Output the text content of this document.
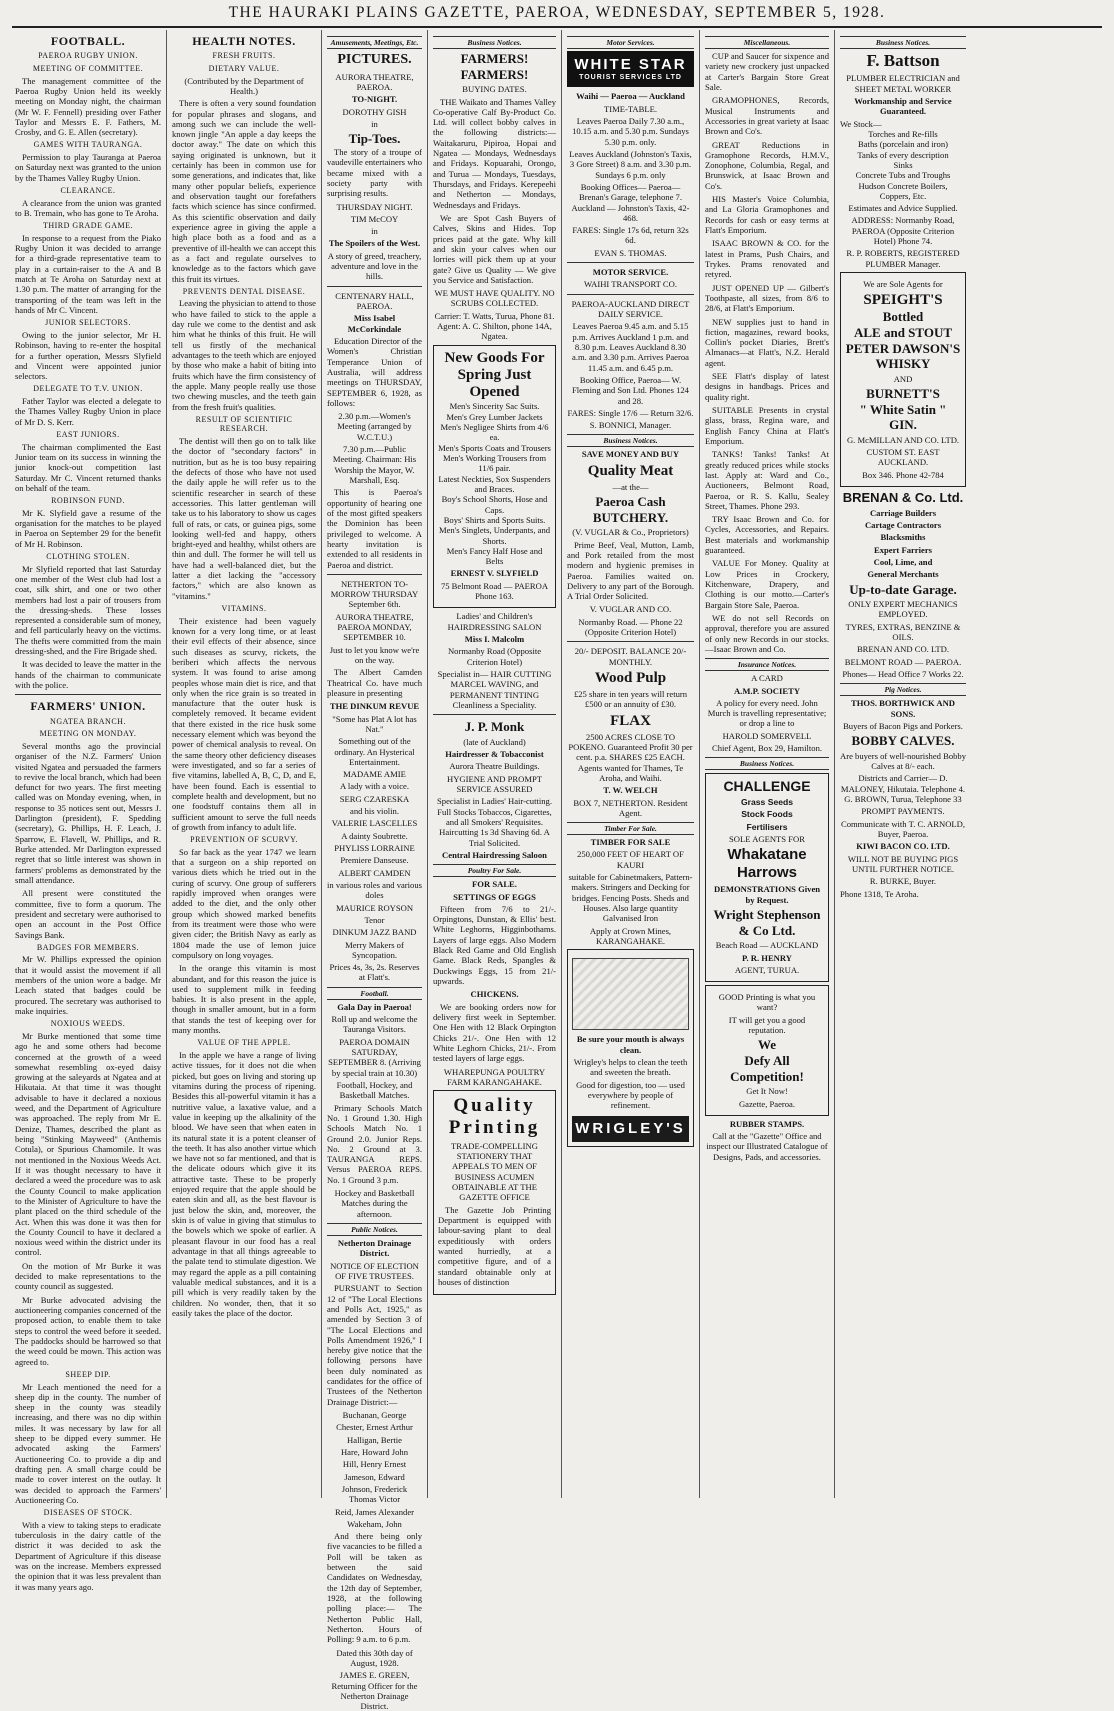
THE HAURAKI PLAINS GAZETTE, PAEROA, WEDNESDAY, SEPTEMBER 5, 1928.
FOOTBALL.
PAEROA RUGBY UNION.
MEETING OF COMMITTEE.

The management committee of the Paeroa Rugby Union held its weekly meeting on Monday night, the chairman (Mr W. F. Fennell) presiding over Father Taylor and Messrs E. F. Fathers, M. Crosby, and G. E. Allen (secretary).

GAMES WITH TAURANGA.

Permission to play Tauranga at Paeroa on Saturday next was granted to the union by the Thames Valley Rugby Union.

CLEARANCE.

A clearance from the union was granted to B. Tremain, who has gone to Te Aroha.

THIRD GRADE GAME.

In response to a request from the Piako Rugby Union it was decided to arrange for a third-grade representative team to play in a curtain-raiser to the A and B match at Te Aroha on Saturday next at 1.30 p.m. The matter of arranging for the transporting of the team was left in the hands of Mr C. Vincent.

JUNIOR SELECTORS.

Owing to the junior selector, Mr H. Robinson, having to re-enter the hospital for a further operation, Messrs Slyfield and Vincent were appointed junior selectors.

DELEGATE TO T.V. UNION.

Father Taylor was elected a delegate to the Thames Valley Rugby Union in place of Mr D. S. Kerr.

EAST JUNIORS.

The chairman complimented the East Junior team on its success in winning the junior knock-out competition last Saturday. Mr C. Vincent returned thanks on behalf of the team.

ROBINSON FUND.

Mr K. Slyfield gave a resume of the organisation for the matches to be played in Paeroa on September 29 for the benefit of Mr H. Robinson.

CLOTHING STOLEN.

Mr Slyfield reported that last Saturday one member of the West club had lost a coat, silk shirt, and one or two other members had lost a pair of trousers from the dressing-sheds. These losses represented a considerable sum of money, and fell particularly heavy on the victims. The thefts were committed from the main dressing-shed, and the Fire Brigade shed.

It was decided to leave the matter in the hands of the chairman to communicate with the police.

FARMERS' UNION.
NGATEA BRANCH.
MEETING ON MONDAY.

Several months ago the provincial organiser of the N.Z. Farmers' Union visited Ngatea and persuaded the farmers to revive the local branch, which had been defunct for two years. The first meeting called was on Monday evening, when, in response to 35 notices sent out, Messrs J. Darlington (president), F. Spedding (secretary), G. Phillips, H. F. Leach, J. Sparrow, E. Flavell, W. Phillips, and R. Burke attended. Mr Darlington expressed regret that so little interest was shown in farmers' problems as demonstrated by the small attendance.

All present were constituted the committee, five to form a quorum. The president and secretary were authorised to open an account in the Post Office Savings Bank.

BADGES FOR MEMBERS.

Mr W. Phillips expressed the opinion that it would assist the movement if all members of the union wore a badge. Mr Leach stated that badges could be procured. The secretary was authorised to make inquiries.

NOXIOUS WEEDS.

Mr Burke mentioned that some time ago he and some others had become concerned at the growth of a weed somewhat resembling ox-eyed daisy growing at the saleyards at Ngatea and at Hikutaia. At that time it was thought advisable to have it declared a noxious weed, and the Department of Agriculture was approached. The reply from Mr E. Denize, Thames, described the plant as being "Stinking Mayweed" (Anthemis Cotula), or Spurious Chamomile. It was not mentioned in the Noxious Weeds Act. If it was thought necessary to have it declared a weed the procedure was to ask the County Council to make application to the Minister of Agriculture to have the plant placed on the third schedule of the Act. When this was done it was then for the County Council to have it declared a noxious weed within the district under its control.

On the motion of Mr Burke it was decided to make representations to the county council as suggested.

Mr Burke advocated advising the auctioneering companies concerned of the proposed action, to enable them to take steps to control the weed before it seeded. The paddocks should be harrowed so that the weed could be mown. This action was agreed to.

SHEEP DIP.

Mr Leach mentioned the need for a sheep dip in the county. The number of sheep in the county was steadily increasing, and there was no dip within miles. It was necessary by law for all sheep to be dipped every summer. He advocated asking the Farmers' Auctioneering Co. to provide a dip and drafting pen. A small charge could be made to cover interest on the outlay. It was decided to approach the Farmers' Auctioneering Co.

DISEASES OF STOCK.

With a view to taking steps to eradicate tuberculosis in the dairy cattle of the district it was decided to ask the Department of Agriculture if this disease was on the increase. Members expressed the opinion that it was less prevalent than it was many years ago.

HEALTH NOTES.
FRESH FRUITS.
DIETARY VALUE.
(Contributed by the Department of Health.)

There is often a very sound foundation for popular phrases and slogans, and among such we can include the well-known jingle "An apple a day keeps the doctor away." The date on which this saying originated is unknown, but it certainly has been in common use for some generations, and indicates that, like many other popular beliefs, experience and observation taught our forefathers facts which science has since confirmed. As this scientific observation and daily experience agree in giving the apple a high place both as a food and as a preventive of ill-health we can accept this as a fact and regulate ourselves to knowledge as to the factors which gave this fruit its virtues.

PREVENTS DENTAL DISEASE.

Leaving the physician to attend to those who have failed to stick to the apple a day rule we come to the dentist and ask him what he thinks of this fruit. He will tell us firstly of the mechanical advantages to the teeth which are enjoyed by those who make a habit of biting into fruits which have the firm consistency of the apple. Many people really use those two chewing muscles, and the teeth gain from the fresh fruit's qualities.

RESULT OF SCIENTIFIC RESEARCH.

The dentist will then go on to talk like the doctor of "secondary factors" in nutrition, but as he is too busy repairing the defects of those who have not used the daily apple he will refer us to the scientific researcher in search of these accessories. This latter gentleman will take us to his laboratory to show us cages full of rats, or cats, or guinea pigs, some looking well-fed and happy, others bright-eyed and healthy, whilst others are thin and dull. The former he will tell us have had a well-balanced diet, but the latter a diet lacking the "accessory factors," which are also known as "vitamins."

VITAMINS.

Their existence had been vaguely known for a very long time, or at least their evil effects of their absence, since such diseases as scurvy, rickets, the beriberi which affects the nervous system. It was found to arise among peoples whose main diet is rice, and that only when the rice grain is so treated in manufacture that the outer husk is completely removed. It became evident that there existed in the rice husk some necessary element which was beyond the power of chemical analysis to reveal. On the same theory other deficiency diseases were investigated, and so far a series of five vitamins, labelled A, B, C, D, and E, have been found. Each is essential to complete health and development, but no one foodstuff contains them all in sufficient amount to serve the full needs of growth from infancy to adult life.

PREVENTION OF SCURVY.

So far back as the year 1747 we learn that a surgeon on a ship reported on various diets which he tried out in the curing of scurvy. One group of sufferers rapidly improved when oranges were added to the diet, and the only other group which showed marked benefits from its treatment were those who were given cider; the British Navy as early as 1804 made the use of lemon juice compulsory on long voyages.

In the orange this vitamin is most abundant, and for this reason the juice is used to supplement milk in feeding babies. It is also present in the apple, though in smaller amount, but in a form that stands the test of keeping over for many months.

VALUE OF THE APPLE.

In the apple we have a range of living active tissues, for it does not die when picked, but goes on living and storing up vitamins during the process of ripening. Besides this all-powerful vitamin it has a nutritive value, a laxative value, and a value in keeping up the alkalinity of the blood. We have seen that when eaten in its natural state it is a potent cleanser of the teeth. It has also another virtue which we have not so far mentioned, and that is the delicate odours which give it its attractive taste. These to be properly enjoyed require that the apple should be eaten skin and all, as the best flavour is just below the skin, and, moreover, the skin is of value in giving that stimulus to the bowels which we spoke of earlier. A pleasant flavour in our food has a real advantage in that all things agreeable to the palate tend to stimulate digestion. We may regard the apple as a pill containing valuable medical substances, and it is a pill which is very readily taken by the children. No wonder, then, that it so easily takes the place of the doctor.

Amusements, Meetings, Etc.
PICTURES.
AURORA THEATRE, PAEROA.
TO-NIGHT.
DOROTHY GISH
in
Tip-Toes.

The story of a troupe of vaudeville entertainers who became mixed with a society party with surprising results.

THURSDAY NIGHT.
TIM McCOY
in
The Spoilers of the West.
A story of greed, treachery, adventure and love in the hills.
CENTENARY HALL, PAEROA.
Miss Isabel McCorkindale

Education Director of the Women's Christian Temperance Union of Australia, will address meetings on THURSDAY, SEPTEMBER 6, 1928, as follows:

2.30 p.m.—Women's Meeting (arranged by W.C.T.U.)
7.30 p.m.—Public Meeting. Chairman: His Worship the Mayor, W. Marshall, Esq.

This is Paeroa's opportunity of hearing one of the most gifted speakers the Dominion has been privileged to welcome. A hearty invitation is extended to all residents in Paeroa and district.

NETHERTON TO-MORROW THURSDAY September 6th.
AURORA THEATRE, PAEROA MONDAY, SEPTEMBER 10.
Just to let you know we're on the way.

The Albert Camden Theatrical Co. have much pleasure in presenting

THE DINKUM REVUE
"Some has Plat A lot has Nat."
Something out of the ordinary. An Hysterical Entertainment.
MADAME AMIE
A lady with a voice.
SERG CZARESKA
and his violin.
VALERIE LASCELLES
A dainty Soubrette.
PHYLISS LORRAINE
Premiere Danseuse.
ALBERT CAMDEN
in various roles and various doles
MAURICE ROYSON
Tenor
DINKUM JAZZ BAND
Merry Makers of Syncopation.
Prices 4s, 3s, 2s. Reserves at Flatt's.
Football.
Gala Day in Paeroa!
Roll up and welcome the Tauranga Visitors.
PAEROA DOMAIN SATURDAY, SEPTEMBER 8. (Arriving by special train at 10.30)
Football, Hockey, and Basketball Matches.

Primary Schools Match No. 1 Ground 1.30. High Schools Match No. 1 Ground 2.0. Junior Reps. No. 2 Ground at 3. TAURANGA REPS. Versus PAEROA REPS. No. 1 Ground 3 p.m.

Hockey and Basketball Matches during the afternoon.
Public Notices.
Netherton Drainage District.
NOTICE OF ELECTION OF FIVE TRUSTEES.

PURSUANT to Section 12 of "The Local Elections and Polls Act, 1925," as amended by Section 3 of "The Local Elections and Polls Amendment 1926," I hereby give notice that the following persons have been duly nominated as candidates for the office of Trustees of the Netherton Drainage District:—

Buchanan, George
Chester, Ernest Arthur
Halligan, Bertie
Hare, Howard John
Hill, Henry Ernest
Jameson, Edward
Johnson, Frederick Thomas Victor
Reid, James Alexander
Wakeham, John

And there being only five vacancies to be filled a Poll will be taken as between the said Candidates on Wednesday, the 12th day of September, 1928, at the following polling place:— The Netherton Public Hall, Netherton. Hours of Polling: 9 a.m. to 6 p.m.

Dated this 30th day of August, 1928.
JAMES E. GREEN, Returning Officer for the Netherton Drainage District.
Business Notices.
FARMERS! FARMERS!
BUYING DATES.

THE Waikato and Thames Valley Co-operative Calf By-Product Co. Ltd. will collect bobby calves in the following districts:— Waitakaruru, Pipiroa, Hopai and Ngatea — Mondays, Wednesdays and Fridays. Kopuarahi, Orongo, and Turua — Mondays, Tuesdays, Thursdays, and Fridays. Kerepeehi and Netherton — Mondays, Wednesdays and Fridays.

We are Spot Cash Buyers of Calves, Skins and Hides. Top prices paid at the gate. Why kill and skin your calves when our lorries will pick them up at your gate? Give us Quality — We give you Service and Satisfaction.

WE MUST HAVE QUALITY. NO SCRUBS COLLECTED.
Carrier: T. Watts, Turua, Phone 81. Agent: A. C. Shilton, phone 14A, Ngatea.
New Goods For Spring Just Opened
Men's Sincerity Sac Suits.
Men's Grey Lumber Jackets
Men's Negligee Shirts from 4/6 ea.
Men's Sports Coats and Trousers
Men's Working Trousers from 11/6 pair.
Latest Neckties, Sox Suspenders and Braces.
Boy's School Shorts, Hose and Caps.
Boys' Shirts and Sports Suits.
Men's Singlets, Underpants, and Shorts.
Men's Fancy Half Hose and Belts
ERNEST V. SLYFIELD
75 Belmont Road — PAEROA Phone 163.
Ladies' and Children's HAIRDRESSING SALON
Miss I. Malcolm
Normanby Road (Opposite Criterion Hotel)
Specialist in— HAIR CUTTING MARCEL WAVING, and PERMANENT TINTING Cleanliness a Speciality.
J. P. Monk
(late of Auckland)
Hairdresser & Tobacconist
Aurora Theatre Buildings.
HYGIENE AND PROMPT SERVICE ASSURED
Specialist in Ladies' Hair-cutting. Full Stocks Tobaccos, Cigarettes, and all Smokers' Requisites. Haircutting 1s 3d Shaving 6d. A Trial Solicited.
Central Hairdressing Saloon
Poultry For Sale.
FOR SALE.
SETTINGS OF EGGS

Fifteen from 7/6 to 21/-. Orpingtons, Dunstan, & Ellis' best. White Leghorns, Higginbothams. Layers of large eggs. Also Modern Black Red Game and Old English Game. Black Reds, Spangles & Duckwings Eggs, 15 from 21/- upwards.

CHICKENS.

We are booking orders now for delivery first week in September. One Hen with 12 Black Orpington Chicks 21/-. One Hen with 12 White Leghorn Chicks, 21/-. From tested layers of large eggs.

WHAREPUNGA POULTRY FARM KARANGAHAKE.
Quality
Printing
TRADE-COMPELLING STATIONERY THAT APPEALS TO MEN OF BUSINESS ACUMEN OBTAINABLE AT THE GAZETTE OFFICE

The Gazette Job Printing Department is equipped with labour-saving plant to deal expeditiously with orders wanted hurriedly, at a competitive figure, and of a standard obtainable only at houses of distinction

Motor Services.
WHITE STAR
TOURIST SERVICES LTD
Waihi — Paeroa — Auckland
TIME-TABLE.
Leaves Paeroa Daily 7.30 a.m., 10.15 a.m. and 5.30 p.m. Sundays 5.30 p.m. only.
Leaves Auckland (Johnston's Taxis, 3 Gore Street) 8 a.m. and 3.30 p.m. Sundays 6 p.m. only
Booking Offices— Paeroa—Brenan's Garage, telephone 7. Auckland — Johnston's Taxis, 42-468.
FARES: Single 17s 6d, return 32s 6d.
EVAN S. THOMAS.
MOTOR SERVICE.
WAIHI TRANSPORT CO.
PAEROA-AUCKLAND DIRECT DAILY SERVICE.
Leaves Paeroa 9.45 a.m. and 5.15 p.m. Arrives Auckland 1 p.m. and 8.30 p.m. Leaves Auckland 8.30 a.m. and 3.30 p.m. Arrives Paeroa 11.45 a.m. and 6.45 p.m.
Booking Office, Paeroa— W. Fleming and Son Ltd. Phones 124 and 28.
FARES: Single 17/6 — Return 32/6.
S. BONNICI, Manager.
Business Notices.
SAVE MONEY AND BUY
Quality Meat
—at the—
Paeroa Cash BUTCHERY.
(V. VUGLAR & Co., Proprietors)

Prime Beef, Veal, Mutton, Lamb, and Pork retailed from the most modern and hygienic premises in Paeroa. Families waited on. Delivery to any part of the Borough. A Trial Order Solicited.

V. VUGLAR AND CO.
Normanby Road. — Phone 22 (Opposite Criterion Hotel)
20/- DEPOSIT. BALANCE 20/- MONTHLY.
Wood Pulp
£25 share in ten years will return £500 or an annuity of £30.
FLAX
2500 ACRES CLOSE TO POKENO. Guaranteed Profit 30 per cent. p.a. SHARES £25 EACH. Agents wanted for Thames, Te Aroha, and Waihi.
T. W. WELCH
BOX 7, NETHERTON. Resident Agent.
Timber For Sale.
TIMBER FOR SALE
250,000 FEET OF HEART OF KAURI
suitable for Cabinetmakers, Pattern-makers. Stringers and Decking for bridges. Fencing Posts. Sheds and Houses. Also large quantity Galvanised Iron
Apply at Crown Mines, KARANGAHAKE.
Be sure your mouth is always clean.
Wrigley's helps to clean the teeth and sweeten the breath.
Good for digestion, too — used everywhere by people of refinement.
WRIGLEY'S
Miscellaneous.

CUP and Saucer for sixpence and variety new crockery just unpacked at Carter's Bargain Store Great Sale.

GRAMOPHONES, Records, Musical Instruments and Accessories in great variety at Isaac Brown and Co's.

GREAT Reductions in Gramophone Records, H.M.V., Zonophone, Columbia, Regal, and Brunswick, at Isaac Brown and Co's.

HIS Master's Voice Columbia, and La Gloria Gramophones and Records for cash or easy terms at Flatt's Emporium.

ISAAC BROWN & CO. for the latest in Prams, Push Chairs, and Trykes. Prams renovated and retyred.

JUST OPENED UP — Gilbert's Toothpaste, all sizes, from 8/6 to 28/6, at Flatt's Emporium.

NEW supplies just to hand in fiction, magazines, reward books, Collin's pocket Diaries, Brett's Almanacs—at Flatt's, N.Z. Herald agent.

SEE Flatt's display of latest designs in handbags. Prices and quality right.

SUITABLE Presents in crystal glass, brass, Regina ware, and English Fancy China at Flatt's Emporium.

TANKS! Tanks! Tanks! At greatly reduced prices while stocks last. Apply at: Ward and Co., Auctioneers, Belmont Road, Paeroa, or R. S. Kallu, Sealey Street, Thames. Phone 293.

TRY Isaac Brown and Co. for Cycles, Accessories, and Repairs. Best materials and workmanship guaranteed.

VALUE For Money. Quality at Low Prices in Crockery, Kitchenware, Drapery, and Clothing is our motto.—Carter's Bargain Store Sale, Paeroa.

WE do not sell Records on approval, therefore you are assured of only new Records in our stocks.—Isaac Brown and Co.

Insurance Notices.
A CARD
A.M.P. SOCIETY
A policy for every need. John Murch is travelling representative; or drop a line to
HAROLD SOMERVELL
Chief Agent, Box 29, Hamilton.
Business Notices.
CHALLENGE
Grass Seeds
Stock Foods
Fertilisers
SOLE AGENTS FOR
Whakatane
Harrows
DEMONSTRATIONS Given by Request.
Wright Stephenson & Co Ltd.
Beach Road — AUCKLAND
P. R. HENRY
AGENT, TURUA.
GOOD Printing is what you want?
IT will get you a good reputation.
We
Defy All
Competition!
Get It Now!
Gazette, Paeroa.
RUBBER STAMPS.
Call at the "Gazette" Office and inspect our Illustrated Catalogue of Designs, Pads, and accessories.
Business Notices.
F. Battson
PLUMBER ELECTRICIAN and SHEET METAL WORKER
Workmanship and Service Guaranteed.
We Stock—
Torches and Re-fills
Baths (porcelain and iron)
Tanks of every description
Sinks
Concrete Tubs and Troughs
Hudson Concrete Boilers,
Coppers, Etc.
Estimates and Advice Supplied.
ADDRESS: Normanby Road, PAEROA (Opposite Criterion Hotel) Phone 74.
R. P. ROBERTS, REGISTERED PLUMBER Manager.
We are Sole Agents for
SPEIGHT'S
Bottled
ALE and STOUT
PETER DAWSON'S
WHISKY
AND
BURNETT'S
" White Satin "
GIN.
G. McMILLAN AND CO. LTD.
CUSTOM ST. EAST AUCKLAND.
Box 346. Phone 42-784
BRENAN & Co. Ltd.
Carriage Builders
Cartage Contractors
Blacksmiths
Expert Farriers
Cool, Lime, and
General Merchants
Up-to-date Garage.
ONLY EXPERT MECHANICS EMPLOYED.
TYRES, EXTRAS, BENZINE & OILS.
BRENAN AND CO. LTD.
BELMONT ROAD — PAEROA.
Phones— Head Office 7 Works 22.
Pig Notices.
THOS. BORTHWICK AND SONS.
Buyers of Bacon Pigs and Porkers.
BOBBY CALVES.
Are buyers of well-nourished Bobby Calves at 8/- each.
Districts and Carrier— D. MALONEY, Hikutaia. Telephone 4. G. BROWN, Turua, Telephone 33
PROMPT PAYMENTS.
Communicate with T. C. ARNOLD, Buyer, Paeroa.
KIWI BACON CO. LTD.
WILL NOT BE BUYING PIGS UNTIL FURTHER NOTICE.
R. BURKE, Buyer.
Phone 1318, Te Aroha.
